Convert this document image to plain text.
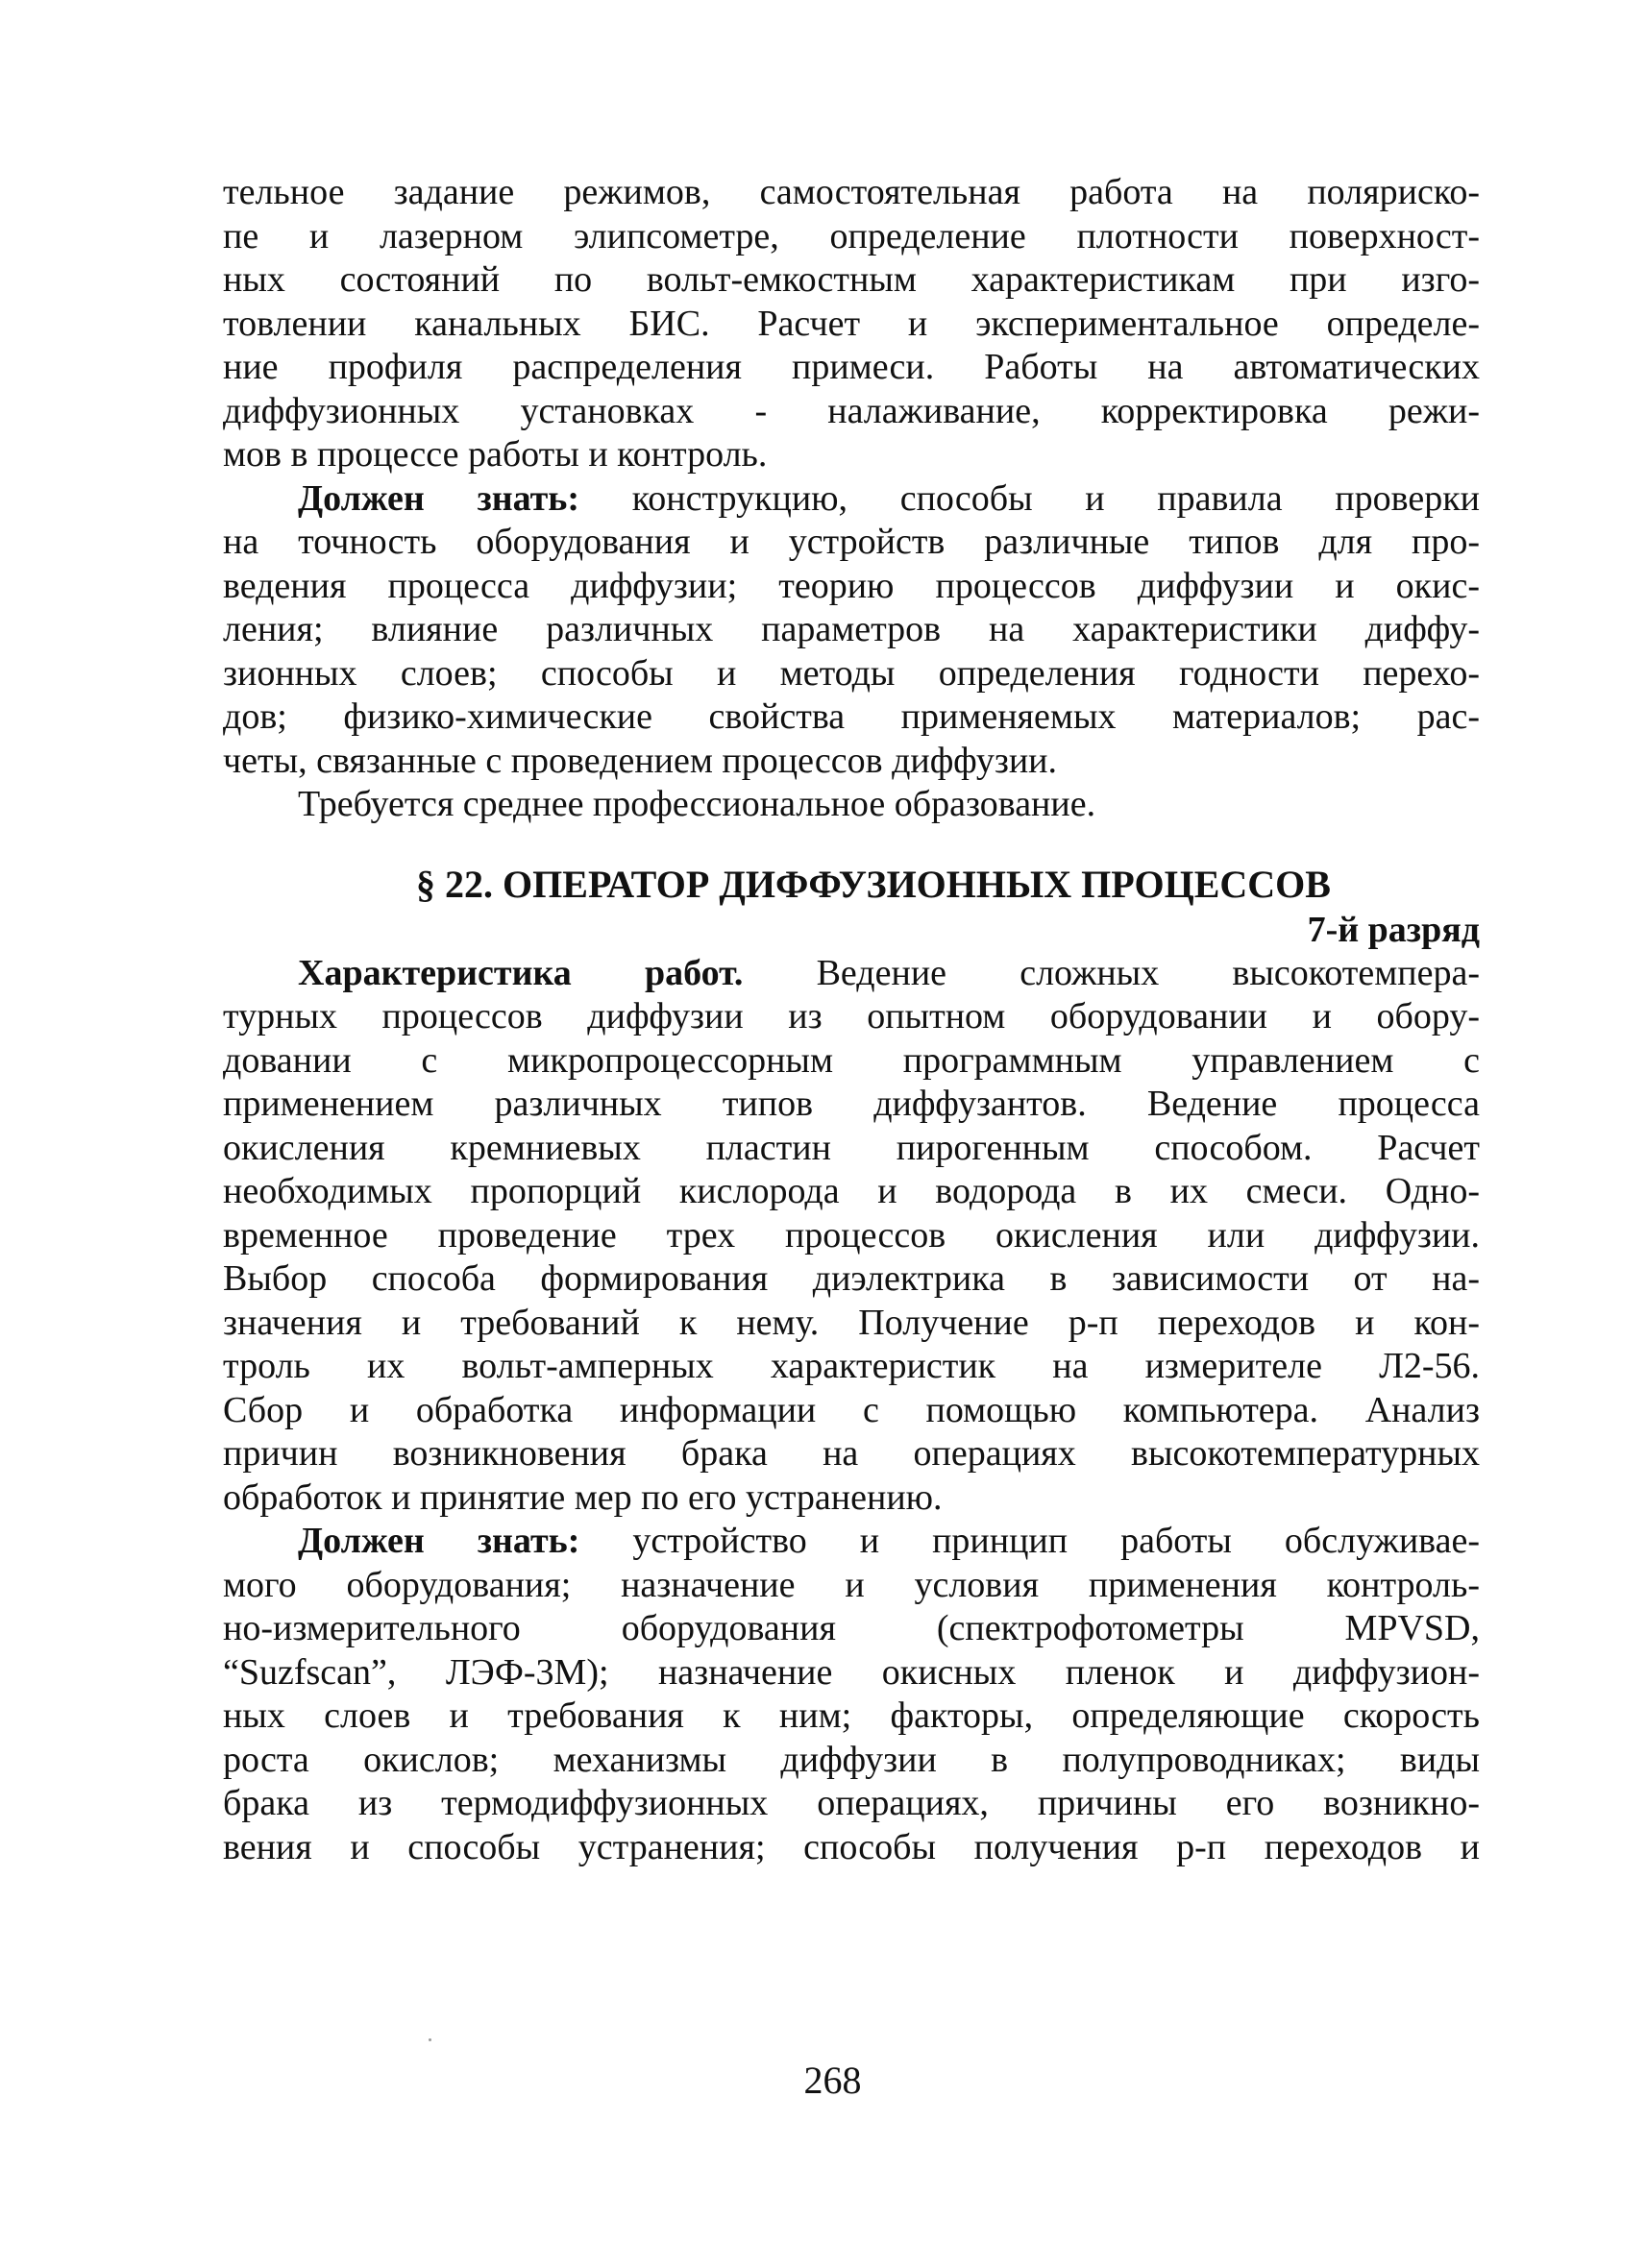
тельное задание режимов, самостоятельная работа на поляриско-
пе и лазерном элипсометре, определение плотности поверхност-
ных состояний по вольт-емкостным характеристикам при изго-
товлении канальных БИС. Расчет и экспериментальное определе-
ние профиля распределения примеси. Работы на автоматических
диффузионных установках - налаживание, корректировка режи-
мов в процессе работы и контроль.
Должен знать: конструкцию, способы и правила проверки
на точность оборудования и устройств различные типов для про-
ведения процесса диффузии; теорию процессов диффузии и окис-
ления; влияние различных параметров на характеристики диффу-
зионных слоев; способы и методы определения годности перехо-
дов; физико-химические свойства применяемых материалов; рас-
четы, связанные с проведением процессов диффузии.
Требуется среднее профессиональное образование.
§ 22. ОПЕРАТОР ДИФФУЗИОННЫХ ПРОЦЕССОВ
7-й разряд
Характеристика работ. Ведение сложных высокотемпера-
турных процессов диффузии из опытном оборудовании и обору-
довании с микропроцессорным программным управлением с
применением различных типов диффузантов. Ведение процесса
окисления кремниевых пластин пирогенным способом. Расчет
необходимых пропорций кислорода и водорода в их смеси. Одно-
временное проведение трех процессов окисления или диффузии.
Выбор способа формирования диэлектрика в зависимости от на-
значения и требований к нему. Получение р-п переходов и кон-
троль их вольт-амперных характеристик на измерителе Л2-56.
Сбор и обработка информации с помощью компьютера. Анализ
причин возникновения брака на операциях высокотемпературных
обработок и принятие мер по его устранению.
Должен знать: устройство и принцип работы обслуживае-
мого оборудования; назначение и условия применения контроль-
но-измерительного оборудования (спектрофотометры MPVSD,
“Suzfscan”, ЛЭФ-3М); назначение окисных пленок и диффузион-
ных слоев и требования к ним; факторы, определяющие скорость
роста окислов; механизмы диффузии в полупроводниках; виды
брака из термодиффузионных операциях, причины его возникно-
вения и способы устранения; способы получения р-п переходов и
268
